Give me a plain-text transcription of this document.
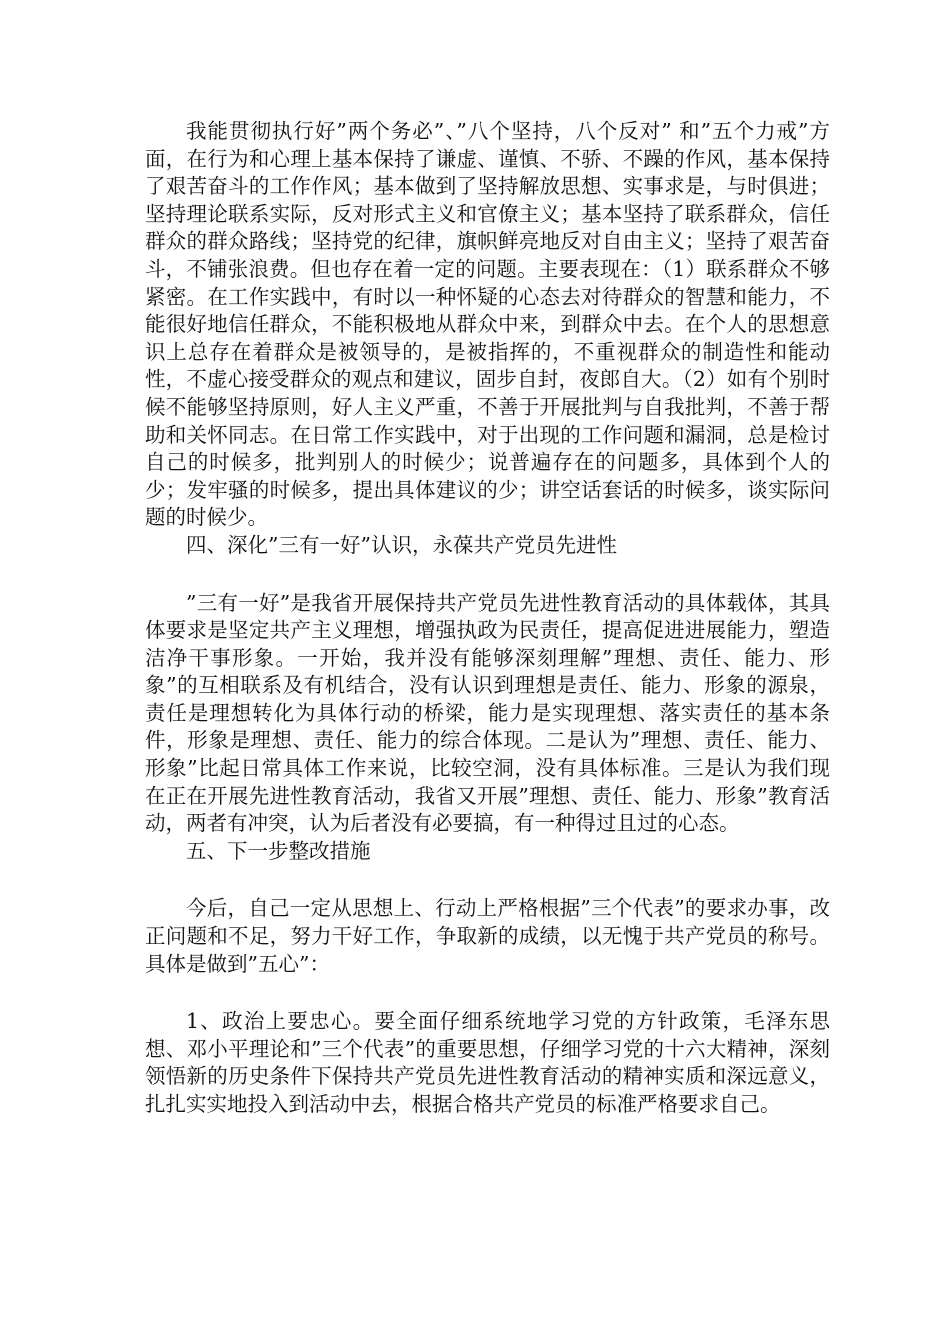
我能贯彻执行好”两个务必”、”八个坚持，八个反对” 和”五个力戒”方面，在行为和心理上基本保持了谦虚、谨慎、不骄、不躁的作风，基本保持了艰苦奋斗的工作作风；基本做到了坚持解放思想、实事求是，与时俱进；坚持理论联系实际，反对形式主义和官僚主义；基本坚持了联系群众，信任群众的群众路线；坚持党的纪律，旗帜鲜亮地反对自由主义；坚持了艰苦奋斗，不铺张浪费。但也存在着一定的问题。主要表现在：（1）联系群众不够紧密。在工作实践中，有时以一种怀疑的心态去对待群众的智慧和能力，不能很好地信任群众，不能积极地从群众中来，到群众中去。在个人的思想意识上总存在着群众是被领导的，是被指挥的，不重视群众的制造性和能动性，不虚心接受群众的观点和建议，固步自封，夜郎自大。（2）如有个别时候不能够坚持原则，好人主义严重，不善于开展批判与自我批判，不善于帮助和关怀同志。在日常工作实践中，对于出现的工作问题和漏洞，总是检讨自己的时候多，批判别人的时候少；说普遍存在的问题多，具体到个人的少；发牢骚的时候多，提出具体建议的少；讲空话套话的时候多，谈实际问题的时候少。

四、深化”三有一好”认识，永葆共产党员先进性

”三有一好”是我省开展保持共产党员先进性教育活动的具体载体，其具体要求是坚定共产主义理想，增强执政为民责任，提高促进进展能力，塑造洁净干事形象。一开始，我并没有能够深刻理解”理想、责任、能力、形象”的互相联系及有机结合，没有认识到理想是责任、能力、形象的源泉，责任是理想转化为具体行动的桥梁，能力是实现理想、落实责任的基本条件，形象是理想、责任、能力的综合体现。二是认为”理想、责任、能力、形象”比起日常具体工作来说，比较空洞，没有具体标准。三是认为我们现在正在开展先进性教育活动，我省又开展”理想、责任、能力、形象”教育活动，两者有冲突，认为后者没有必要搞，有一种得过且过的心态。

五、下一步整改措施

今后，自己一定从思想上、行动上严格根据”三个代表”的要求办事，改正问题和不足，努力干好工作，争取新的成绩，以无愧于共产党员的称号。具体是做到”五心”：

1、政治上要忠心。要全面仔细系统地学习党的方针政策，毛泽东思想、邓小平理论和”三个代表”的重要思想，仔细学习党的十六大精神，深刻领悟新的历史条件下保持共产党员先进性教育活动的精神实质和深远意义，扎扎实实地投入到活动中去，根据合格共产党员的标准严格要求自己。
